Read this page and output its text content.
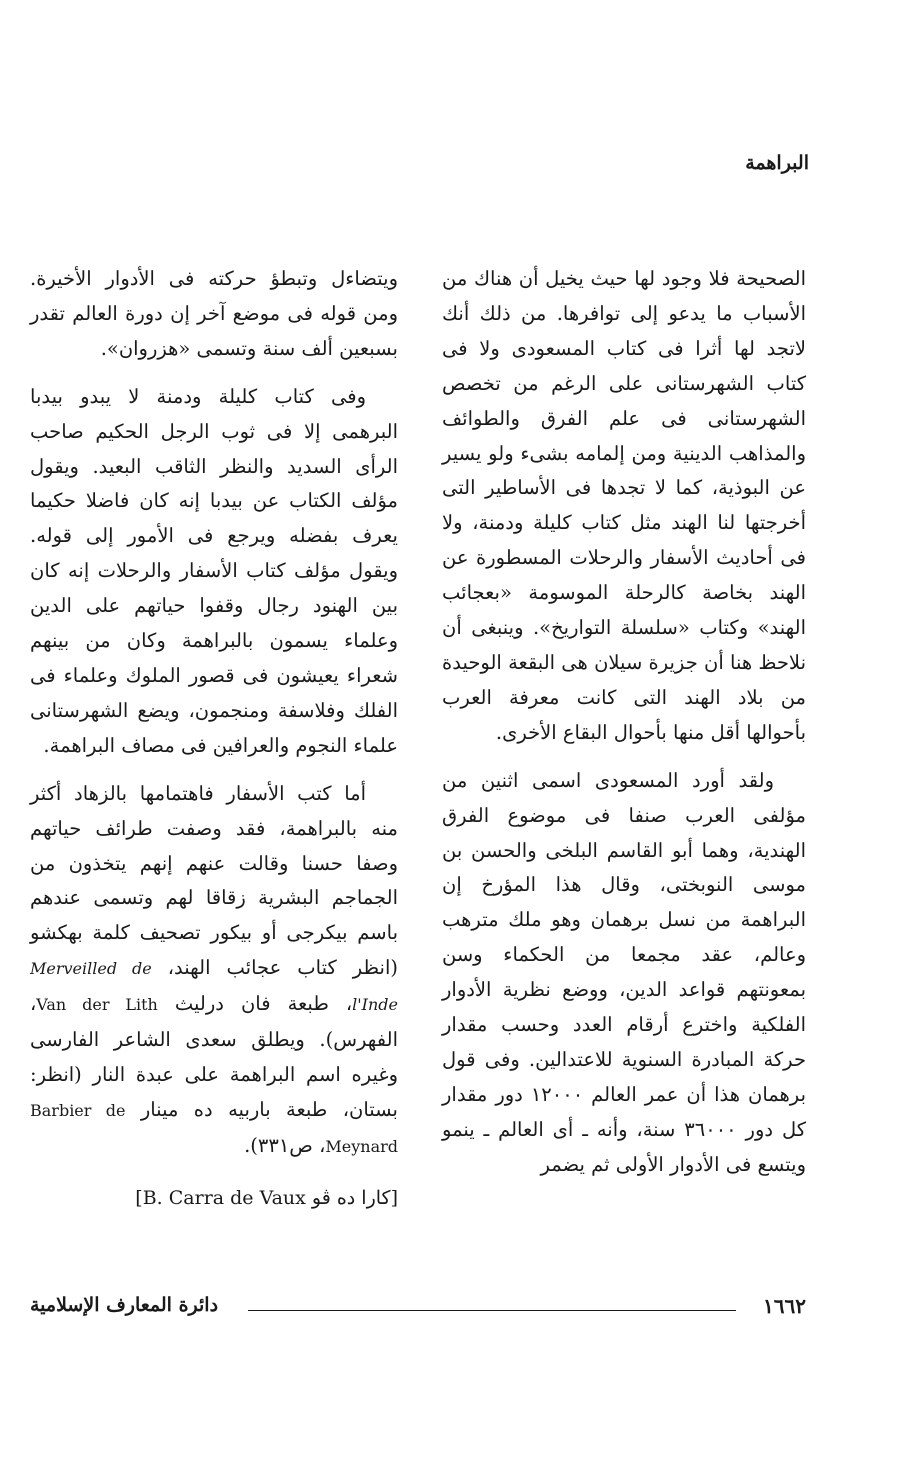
البراهمة

الصحيحة فلا وجود لها حيث يخيل أن هناك من الأسباب ما يدعو إلى توافرها. من ذلك أنك لاتجد لها أثرا فى كتاب المسعودى ولا فى كتاب الشهرستانى على الرغم من تخصص الشهرستانى فى علم الفرق والطوائف والمذاهب الدينية ومن إلمامه بشىء ولو يسير عن البوذية، كما لا تجدها فى الأساطير التى أخرجتها لنا الهند مثل كتاب كليلة ودمنة، ولا فى أحاديث الأسفار والرحلات المسطورة عن الهند بخاصة كالرحلة الموسومة «بعجائب الهند» وكتاب «سلسلة التواريخ». وينبغى أن نلاحظ هنا أن جزيرة سيلان هى البقعة الوحيدة من بلاد الهند التى كانت معرفة العرب بأحوالها أقل منها بأحوال البقاع الأخرى.

ولقد أورد المسعودى اسمى اثنين من مؤلفى العرب صنفا فى موضوع الفرق الهندية، وهما أبو القاسم البلخى والحسن بن موسى النوبختى، وقال هذا المؤرخ إن البراهمة من نسل برهمان وهو ملك مترهب وعالم، عقد مجمعا من الحكماء وسن بمعونتهم قواعد الدين، ووضع نظرية الأدوار الفلكية واخترع أرقام العدد وحسب مقدار حركة المبادرة السنوية للاعتدالين. وفى قول برهمان هذا أن عمر العالم ١٢٠٠٠ دور مقدار كل دور ٣٦٠٠٠ سنة، وأنه ـ أى العالم ـ ينمو ويتسع فى الأدوار الأولى ثم يضمر

ويتضاءل وتبطؤ حركته فى الأدوار الأخيرة. ومن قوله فى موضع آخر إن دورة العالم تقدر بسبعين ألف سنة وتسمى «هزروان».

وفى كتاب كليلة ودمنة لا يبدو بيدبا البرهمى إلا فى ثوب الرجل الحكيم صاحب الرأى السديد والنظر الثاقب البعيد. ويقول مؤلف الكتاب عن بيدبا إنه كان فاضلا حكيما يعرف بفضله ويرجع فى الأمور إلى قوله. ويقول مؤلف كتاب الأسفار والرحلات إنه كان بين الهنود رجال وقفوا حياتهم على الدين وعلماء يسمون بالبراهمة وكان من بينهم شعراء يعيشون فى قصور الملوك وعلماء فى الفلك وفلاسفة ومنجمون، ويضع الشهرستانى علماء النجوم والعرافين فى مصاف البراهمة.

أما كتب الأسفار فاهتمامها بالزهاد أكثر منه بالبراهمة، فقد وصفت طرائف حياتهم وصفا حسنا وقالت عنهم إنهم يتخذون من الجماجم البشرية زقاقا لهم وتسمى عندهم باسم بيكرجى أو بيكور تصحيف كلمة بهكشو (انظر كتاب عجائب الهند، Merveilled de l'Inde، طبعة فان درليث Van der Lith، الفهرس). ويطلق سعدى الشاعر الفارسى وغيره اسم البراهمة على عبدة النار (انظر: بستان، طبعة باربيه ده مينار Barbier de Meynard، ص٣٣١).

[كارا ده ڤو B. Carra de Vaux]
١٦٦٢
دائرة المعارف الإسلامية
